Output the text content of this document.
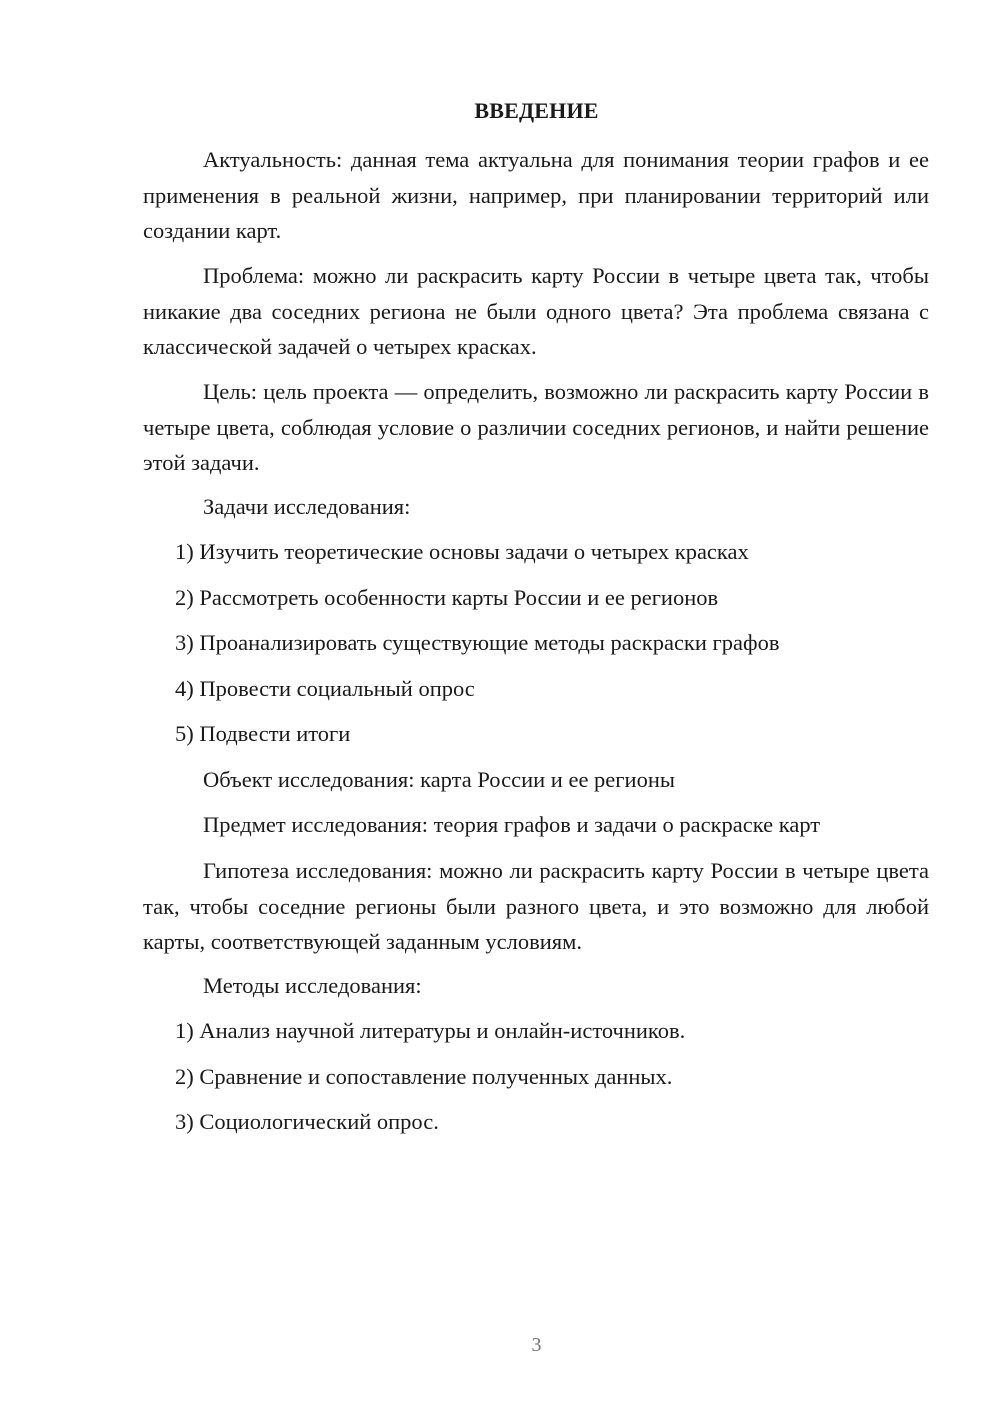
ВВЕДЕНИЕ

Актуальность: данная тема актуальна для понимания теории графов и ее применения в реальной жизни, например, при планировании территорий или создании карт.

Проблема: можно ли раскрасить карту России в четыре цвета так, чтобы никакие два соседних региона не были одного цвета? Эта проблема связана с классической задачей о четырех красках.

Цель: цель проекта — определить, возможно ли раскрасить карту России в четыре цвета, соблюдая условие о различии соседних регионов, и найти решение этой задачи.

Задачи исследования:

1) Изучить теоретические основы задачи о четырех красках

2) Рассмотреть особенности карты России и ее регионов

3) Проанализировать существующие методы раскраски графов

4) Провести социальный опрос

5) Подвести итоги

Объект исследования: карта России и ее регионы

Предмет исследования: теория графов и задачи о раскраске карт

Гипотеза исследования: можно ли раскрасить карту России в четыре цвета так, чтобы соседние регионы были разного цвета, и это возможно для любой карты, соответствующей заданным условиям.

Методы исследования:

1) Анализ научной литературы и онлайн-источников.

2) Сравнение и сопоставление полученных данных.

3) Социологический опрос.

3
